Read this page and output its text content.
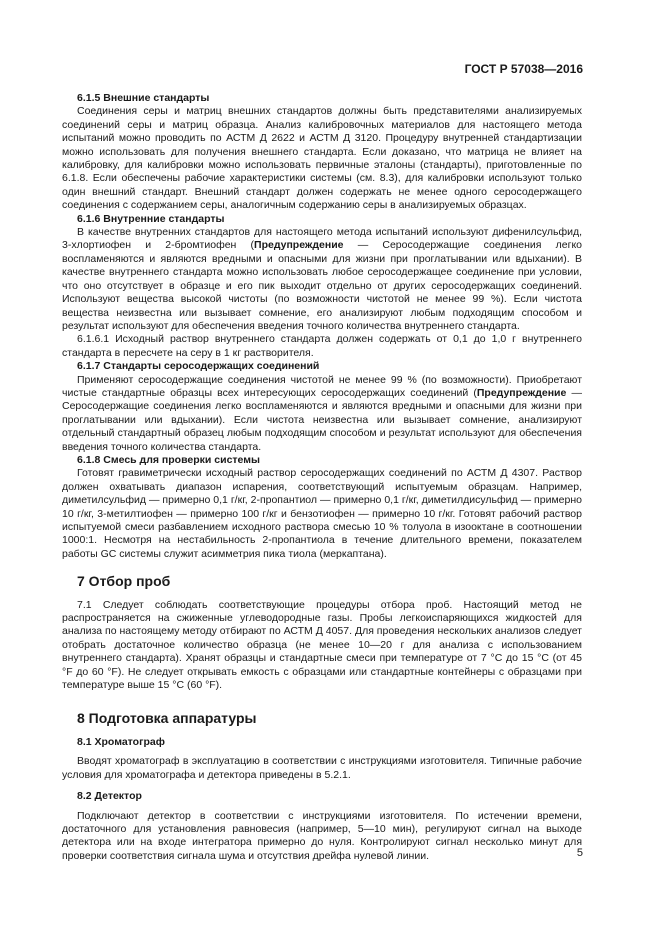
ГОСТ Р 57038—2016
6.1.5 Внешние стандарты

Соединения серы и матриц внешних стандартов должны быть представителями анализируемых соединений серы и матриц образца. Анализ калибровочных материалов для настоящего метода испытаний можно проводить по АСТМ Д 2622 и АСТМ Д 3120. Процедуру внутренней стандартизации можно использовать для получения внешнего стандарта. Если доказано, что матрица не влияет на калибровку, для калибровки можно использовать первичные эталоны (стандарты), приготовленные по 6.1.8. Если обеспечены рабочие характеристики системы (см. 8.3), для калибровки используют только один внешний стандарт. Внешний стандарт должен содержать не менее одного серосодержащего соединения с содержанием серы, аналогичным содержанию серы в анализируемых образцах.

6.1.6 Внутренние стандарты

В качестве внутренних стандартов для настоящего метода испытаний используют дифенилсульфид, 3-хлортиофен и 2-бромтиофен (Предупреждение — Серосодержащие соединения легко воспламеняются и являются вредными и опасными для жизни при проглатывании или вдыхании). В качестве внутреннего стандарта можно использовать любое серосодержащее соединение при условии, что оно отсутствует в образце и его пик выходит отдельно от других серосодержащих соединений. Используют вещества высокой чистоты (по возможности чистотой не менее 99 %). Если чистота вещества неизвестна или вызывает сомнение, его анализируют любым подходящим способом и результат используют для обеспечения введения точного количества внутреннего стандарта.

6.1.6.1 Исходный раствор внутреннего стандарта должен содержать от 0,1 до 1,0 г внутреннего стандарта в пересчете на серу в 1 кг растворителя.

6.1.7 Стандарты серосодержащих соединений

Применяют серосодержащие соединения чистотой не менее 99 % (по возможности). Приобретают чистые стандартные образцы всех интересующих серосодержащих соединений (Предупреждение — Серосодержащие соединения легко воспламеняются и являются вредными и опасными для жизни при проглатывании или вдыхании). Если чистота неизвестна или вызывает сомнение, анализируют отдельный стандартный образец любым подходящим способом и результат используют для обеспечения введения точного количества стандарта.

6.1.8 Смесь для проверки системы

Готовят гравиметрически исходный раствор серосодержащих соединений по АСТМ Д 4307. Раствор должен охватывать диапазон испарения, соответствующий испытуемым образцам. Например, диметилсульфид — примерно 0,1 г/кг, 2-пропантиол — примерно 0,1 г/кг, диметилдисульфид — примерно 10 г/кг, 3-метилтиофен — примерно 100 г/кг и бензотиофен — примерно 10 г/кг. Готовят рабочий раствор испытуемой смеси разбавлением исходного раствора смесью 10 % толуола в изооктане в соотношении 1000:1. Несмотря на нестабильность 2-пропантиола в течение длительного времени, показателем работы GC системы служит асимметрия пика тиола (меркаптана).

7 Отбор проб

7.1 Следует соблюдать соответствующие процедуры отбора проб. Настоящий метод не распространяется на сжиженные углеводородные газы. Пробы легкоиспаряющихся жидкостей для анализа по настоящему методу отбирают по АСТМ Д 4057. Для проведения нескольких анализов следует отобрать достаточное количество образца (не менее 10—20 г для анализа с использованием внутреннего стандарта). Хранят образцы и стандартные смеси при температуре от 7 °С до 15 °С (от 45 °F до 60 °F). Не следует открывать емкость с образцами или стандартные контейнеры с образцами при температуре выше 15 °С (60 °F).

8 Подготовка аппаратуры
8.1 Хроматограф

Вводят хроматограф в эксплуатацию в соответствии с инструкциями изготовителя. Типичные рабочие условия для хроматографа и детектора приведены в 5.2.1.

8.2 Детектор

Подключают детектор в соответствии с инструкциями изготовителя. По истечении времени, достаточного для установления равновесия (например, 5—10 мин), регулируют сигнал на выходе детектора или на входе интегратора примерно до нуля. Контролируют сигнал несколько минут для проверки соответствия сигнала шума и отсутствия дрейфа нулевой линии.	5
